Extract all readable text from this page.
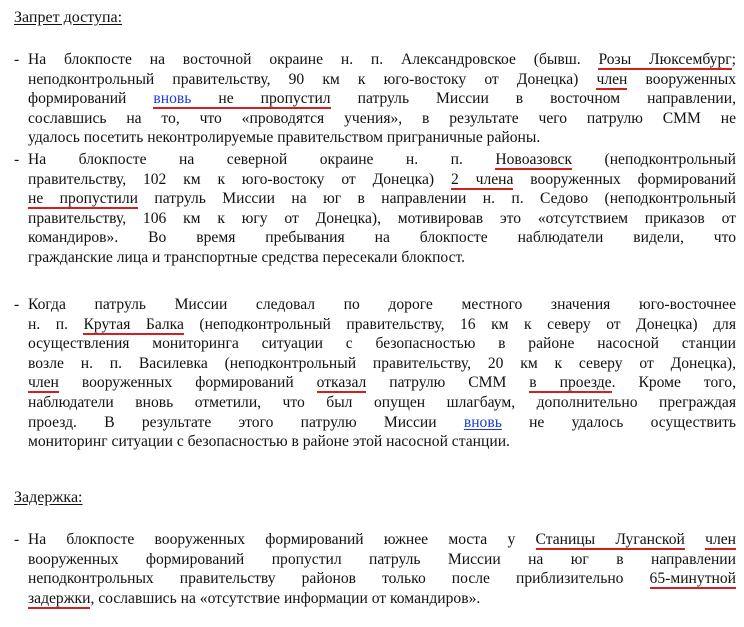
Запрет доступа:
- На блокпосте на восточной окраине н. п. Александровское (бывш. Розы Люксембург;
неподконтрольный правительству, 90 км к юго-востоку от Донецка) член вооруженных
формирований вновь не пропустил патруль Миссии в восточном направлении,
сославшись на то, что «проводятся учения», в результате чего патрулю СММ не
удалось посетить неконтролируемые правительством приграничные районы.
- На блокпосте на северной окраине н. п. Новоазовск (неподконтрольный
правительству, 102 км к юго-востоку от Донецка) 2 члена вооруженных формирований
не пропустили патруль Миссии на юг в направлении н. п. Седово (неподконтрольный
правительству, 106 км к югу от Донецка), мотивировав это «отсутствием приказов от
командиров». Во время пребывания на блокпосте наблюдатели видели, что
гражданские лица и транспортные средства пересекали блокпост.
- Когда патруль Миссии следовал по дороге местного значения юго-восточнее
н. п. Крутая Балка (неподконтрольный правительству, 16 км к северу от Донецка) для
осуществления мониторинга ситуации с безопасностью в районе насосной станции
возле н. п. Василевка (неподконтрольный правительству, 20 км к северу от Донецка),
член вооруженных формирований отказал патрулю СММ в проезде. Кроме того,
наблюдатели вновь отметили, что был опущен шлагбаум, дополнительно преграждая
проезд. В результате этого патрулю Миссии вновь не удалось осуществить
мониторинг ситуации с безопасностью в районе этой насосной станции.
Задержка:
- На блокпосте вооруженных формирований южнее моста у Станицы Луганской член
вооруженных формирований пропустил патруль Миссии на юг в направлении
неподконтрольных правительству районов только после приблизительно 65-минутной
задержки, сославшись на «отсутствие информации от командиров».
